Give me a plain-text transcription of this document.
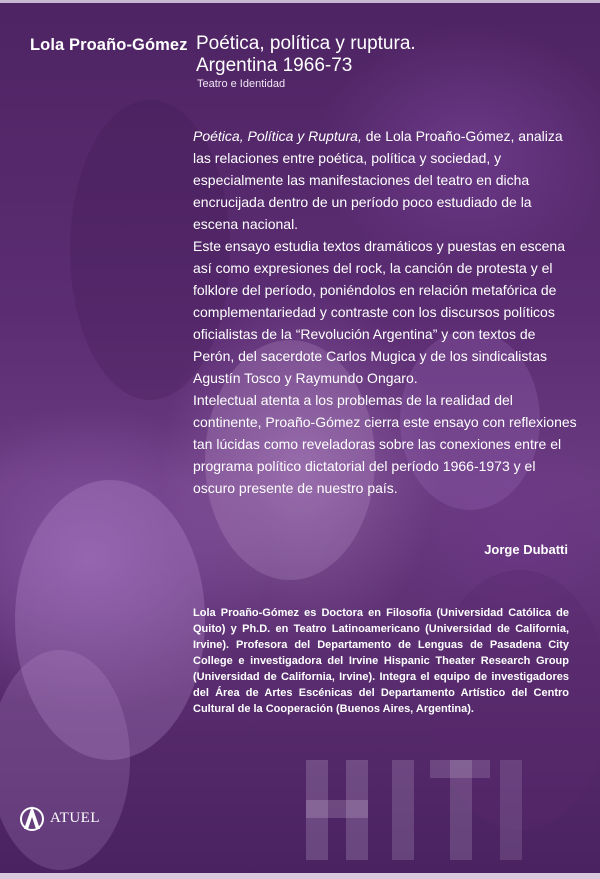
Lola Proaño-Gómez Poética, política y ruptura.
Argentina 1966-73
Teatro e Identidad

Poética, Política y Ruptura, de Lola Proaño-Gómez, analiza las relaciones entre poética, política y sociedad, y especialmente las manifestaciones del teatro en dicha encrucijada dentro de un período poco estudiado de la escena nacional.

Este ensayo estudia textos dramáticos y puestas en escena así como expresiones del rock, la canción de protesta y el folklore del período, poniéndolos en relación metafórica de complementariedad y contraste con los discursos políticos oficialistas de la “Revolución Argentina” y con textos de Perón, del sacerdote Carlos Mugica y de los sindicalistas Agustín Tosco y Raymundo Ongaro.

Intelectual atenta a los problemas de la realidad del continente, Proaño-Gómez cierra este ensayo con reflexiones tan lúcidas como reveladoras sobre las conexiones entre el programa político dictatorial del período 1966-1973 y el oscuro presente de nuestro país.

Jorge Dubatti
Lola Proaño-Gómez es Doctora en Filosofía (Universidad Católica de Quito) y Ph.D. en Teatro Latinoamericano (Universidad de California, Irvine). Profesora del Departamento de Lenguas de Pasadena City College e investigadora del Irvine Hispanic Theater Research Group (Universidad de California, Irvine). Integra el equipo de investigadores del Área de Artes Escénicas del Departamento Artístico del Centro Cultural de la Cooperación (Buenos Aires, Argentina).
ATUEL
